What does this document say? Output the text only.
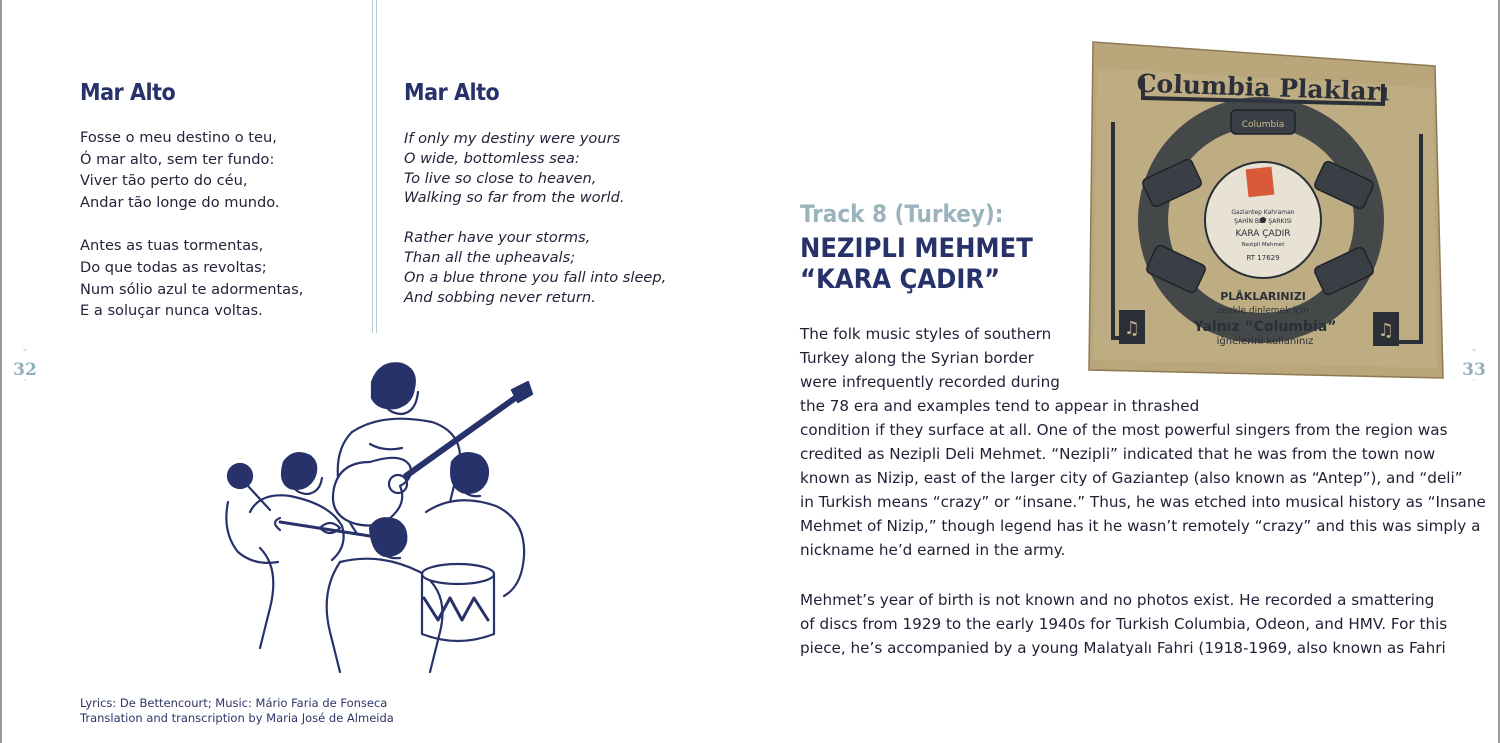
Mar Alto
Fosse o meu destino o teu,
Ó mar alto, sem ter fundo:
Viver tão perto do céu,
Andar tão longe do mundo.
Antes as tuas tormentas,
Do que todas as revoltas;
Num sólio azul te adormentas,
E a soluçar nunca voltas.
Mar Alto
If only my destiny were yours
O wide, bottomless sea:
To live so close to heaven,
Walking so far from the world.
Rather have your storms,
Than all the upheavals;
On a blue throne you fall into sleep,
And sobbing never return.
˘
32
˙
˘
33
˙
Lyrics: De Bettencourt; Music: Mário Faria de Fonseca
Translation and transcription by Maria José de Almeida
Track 8 (Turkey):
NEZIPLI MEHMET
“KARA ÇADIR”
The folk music styles of southern
Turkey along the Syrian border
were infrequently recorded during
the 78 era and examples tend to appear in thrashed
condition if they surface at all. One of the most powerful singers from the region was
credited as Nezipli Deli Mehmet. “Nezipli” indicated that he was from the town now
known as Nizip, east of the larger city of Gaziantep (also known as “Antep”), and “deli”
in Turkish means “crazy” or “insane.” Thus, he was etched into musical history as “Insane
Mehmet of Nizip,” though legend has it he wasn’t remotely “crazy” and this was simply a
nickname he’d earned in the army.
Mehmet’s year of birth is not known and no photos exist. He recorded a smattering
of discs from 1929 to the early 1940s for Turkish Columbia, Odeon, and HMV. For this
piece, he’s accompanied by a young Malatyalı Fahri (1918-1969, also known as Fahri
Columbia Plakları
Columbia
Gaziantep Kahraman
ŞAHİN BEY ŞARKISI
KARA ÇADIR
Nezipli Mehmet
RT 17629
PLÂKLARINIZI
zevkle dinlemek için
Yalnız “Columbia”
iğnelerini kullanınız
♫	♫
